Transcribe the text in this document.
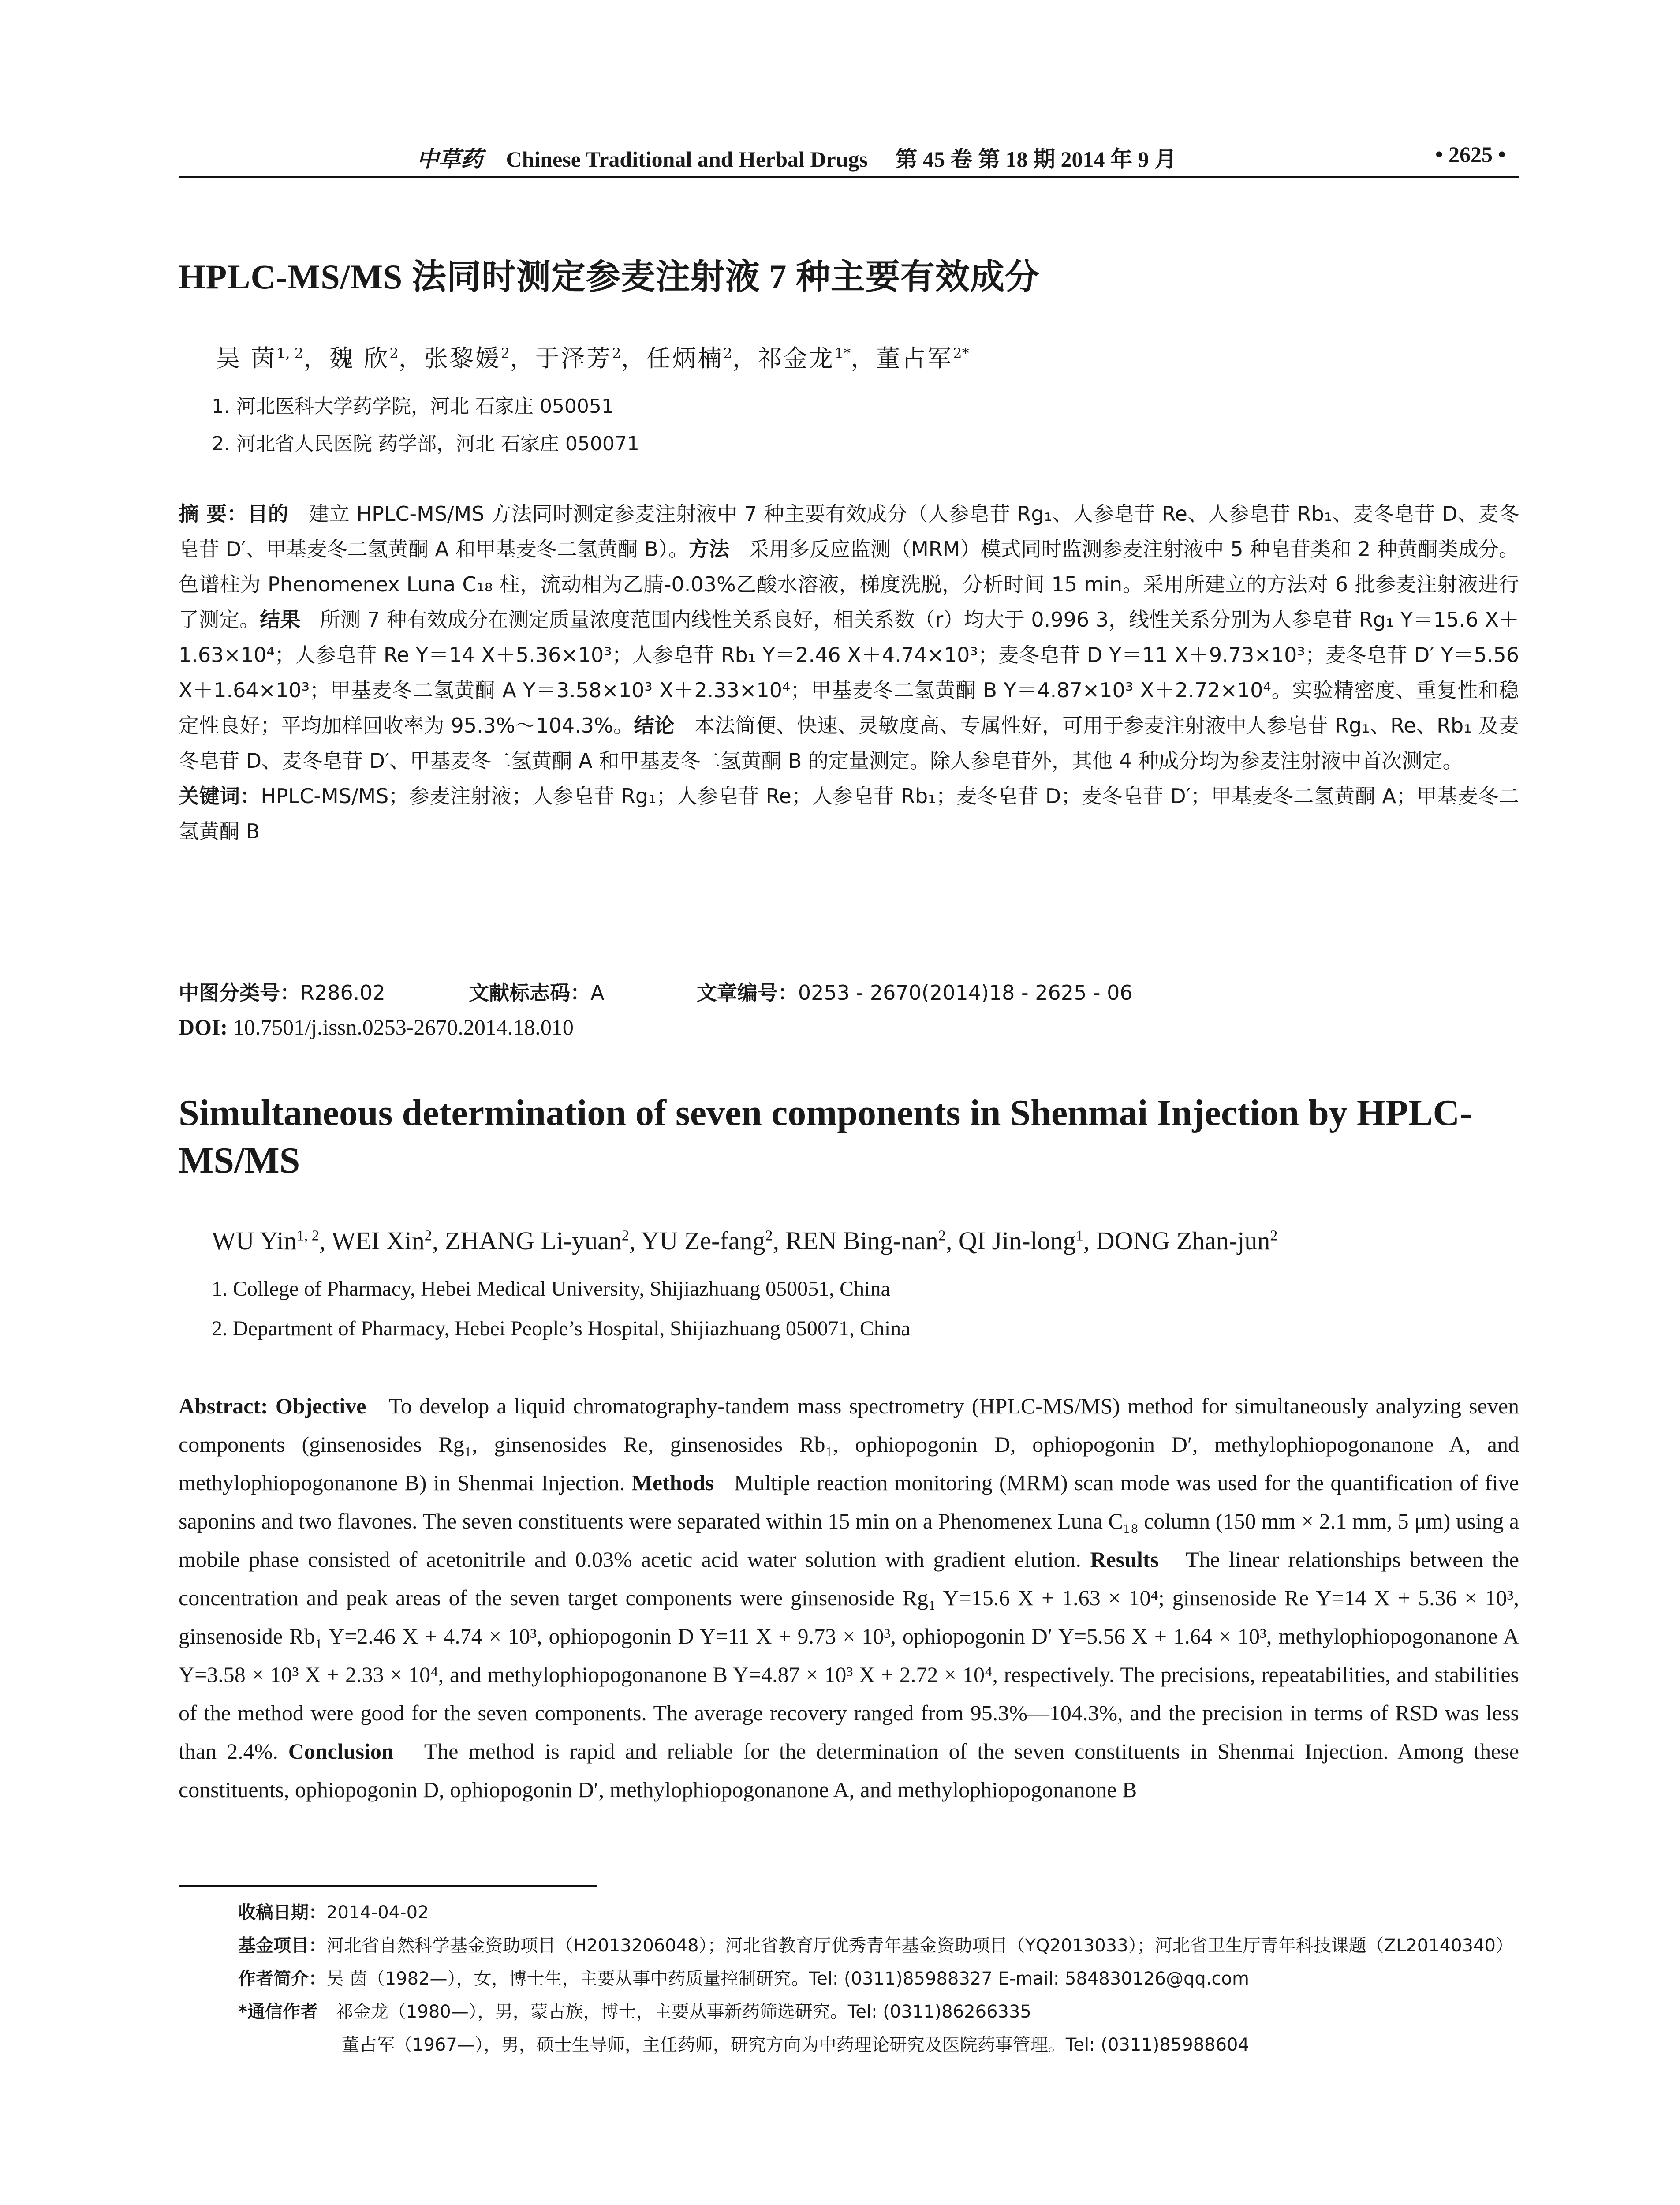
中草药 Chinese Traditional and Herbal Drugs 第 45 卷 第 18 期 2014 年 9 月	• 2625 •
HPLC-MS/MS 法同时测定参麦注射液 7 种主要有效成分
吴 茵$^{1, 2}$，魏 欣$^2$，张黎媛$^2$，于泽芳$^2$，任炳楠$^2$，祁金龙$^{1*}$，董占军$^{2*}$
1. 河北医科大学药学院，河北 石家庄 050051
2. 河北省人民医院 药学部，河北 石家庄 050071
摘 要：目的 建立 HPLC-MS/MS 方法同时测定参麦注射液中 7 种主要有效成分（人参皂苷 Rg₁、人参皂苷 Re、人参皂苷 Rb₁、麦冬皂苷 D、麦冬皂苷 D′、甲基麦冬二氢黄酮 A 和甲基麦冬二氢黄酮 B）。方法 采用多反应监测（MRM）模式同时监测参麦注射液中 5 种皂苷类和 2 种黄酮类成分。色谱柱为 Phenomenex Luna C₁₈ 柱，流动相为乙腈-0.03%乙酸水溶液，梯度洗脱，分析时间 15 min。采用所建立的方法对 6 批参麦注射液进行了测定。结果 所测 7 种有效成分在测定质量浓度范围内线性关系良好，相关系数（r）均大于 0.996 3，线性关系分别为人参皂苷 Rg₁ Y＝15.6 X＋1.63×10⁴；人参皂苷 Re Y＝14 X＋5.36×10³；人参皂苷 Rb₁ Y＝2.46 X＋4.74×10³；麦冬皂苷 D Y＝11 X＋9.73×10³；麦冬皂苷 D′ Y＝5.56 X＋1.64×10³；甲基麦冬二氢黄酮 A Y＝3.58×10³ X＋2.33×10⁴；甲基麦冬二氢黄酮 B Y＝4.87×10³ X＋2.72×10⁴。实验精密度、重复性和稳定性良好；平均加样回收率为 95.3%～104.3%。结论 本法简便、快速、灵敏度高、专属性好，可用于参麦注射液中人参皂苷 Rg₁、Re、Rb₁ 及麦冬皂苷 D、麦冬皂苷 D′、甲基麦冬二氢黄酮 A 和甲基麦冬二氢黄酮 B 的定量测定。除人参皂苷外，其他 4 种成分均为参麦注射液中首次测定。
关键词：HPLC-MS/MS；参麦注射液；人参皂苷 Rg₁；人参皂苷 Re；人参皂苷 Rb₁；麦冬皂苷 D；麦冬皂苷 D′；甲基麦冬二氢黄酮 A；甲基麦冬二氢黄酮 B
中图分类号：R286.02	文献标志码：A	文章编号：0253 - 2670(2014)18 - 2625 - 06
DOI: 10.7501/j.issn.0253-2670.2014.18.010
Simultaneous determination of seven components in Shenmai Injection by HPLC-MS/MS
WU Yin$^{1, 2}$, WEI Xin$^2$, ZHANG Li-yuan$^2$, YU Ze-fang$^2$, REN Bing-nan$^2$, QI Jin-long$^1$, DONG Zhan-jun$^2$
1. College of Pharmacy, Hebei Medical University, Shijiazhuang 050051, China
2. Department of Pharmacy, Hebei People’s Hospital, Shijiazhuang 050071, China
Abstract: Objective To develop a liquid chromatography-tandem mass spectrometry (HPLC-MS/MS) method for simultaneously analyzing seven components (ginsenosides Rg₁, ginsenosides Re, ginsenosides Rb₁, ophiopogonin D, ophiopogonin D′, methylophiopogonanone A, and methylophiopogonanone B) in Shenmai Injection. Methods Multiple reaction monitoring (MRM) scan mode was used for the quantification of five saponins and two flavones. The seven constituents were separated within 15 min on a Phenomenex Luna C₁₈ column (150 mm × 2.1 mm, 5 μm) using a mobile phase consisted of acetonitrile and 0.03% acetic acid water solution with gradient elution. Results The linear relationships between the concentration and peak areas of the seven target components were ginsenoside Rg₁ Y=15.6 X + 1.63 × 10⁴; ginsenoside Re Y=14 X + 5.36 × 10³, ginsenoside Rb₁ Y=2.46 X + 4.74 × 10³, ophiopogonin D Y=11 X + 9.73 × 10³, ophiopogonin D′ Y=5.56 X + 1.64 × 10³, methylophiopogonanone A Y=3.58 × 10³ X + 2.33 × 10⁴, and methylophiopogonanone B Y=4.87 × 10³ X + 2.72 × 10⁴, respectively. The precisions, repeatabilities, and stabilities of the method were good for the seven components. The average recovery ranged from 95.3%—104.3%, and the precision in terms of RSD was less than 2.4%. Conclusion The method is rapid and reliable for the determination of the seven constituents in Shenmai Injection. Among these constituents, ophiopogonin D, ophiopogonin D′, methylophiopogonanone A, and methylophiopogonanone B
收稿日期： 2014-04-02
基金项目： 河北省自然科学基金资助项目（H2013206048）；河北省教育厅优秀青年基金资助项目（YQ2013033）；河北省卫生厅青年科技课题（ZL20140340）
作者简介： 吴 茵（1982—），女，博士生，主要从事中药质量控制研究。Tel: (0311)85988327 E-mail: 584830126@qq.com
*通信作者 祁金龙（1980—），男，蒙古族，博士，主要从事新药筛选研究。Tel: (0311)86266335
董占军（1967—），男，硕士生导师，主任药师，研究方向为中药理论研究及医院药事管理。Tel: (0311)85988604
